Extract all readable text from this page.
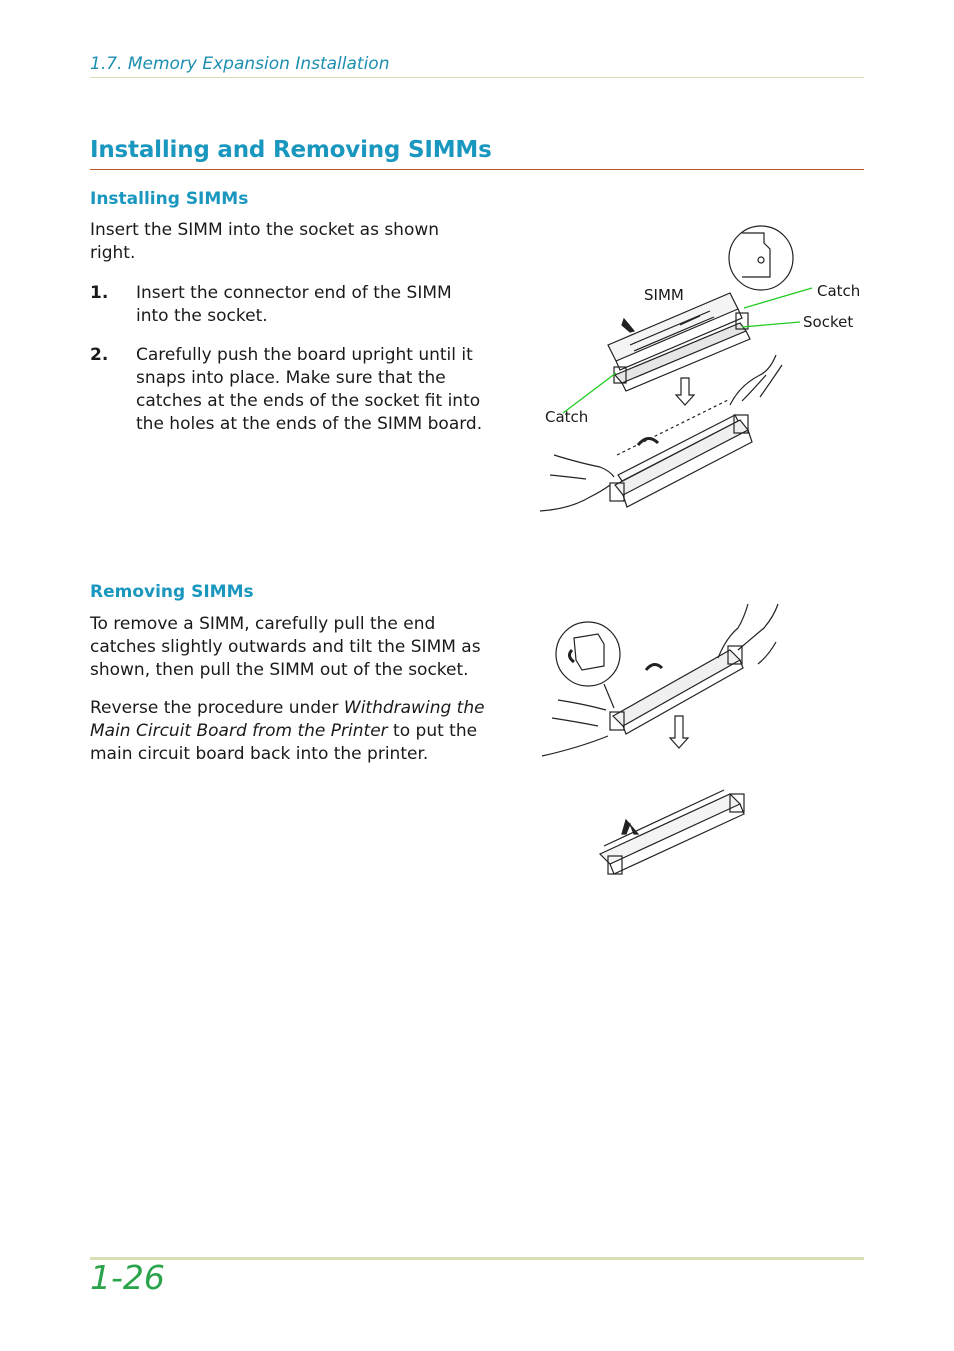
1.7. Memory Expansion Installation
Installing and Removing SIMMs
Installing SIMMs
Insert the SIMM into the socket as shown
right.
1. Insert the connector end of the SIMM
into the socket.
2. Carefully push the board upright until it
snaps into place. Make sure that the
catches at the ends of the socket fit into
the holes at the ends of the SIMM board.
SIMM	Catch
Socket
Catch
Removing SIMMs
To remove a SIMM, carefully pull the end
catches slightly outwards and tilt the SIMM as
shown, then pull the SIMM out of the socket.
Reverse the procedure under Withdrawing the
Main Circuit Board from the Printer to put the
main circuit board back into the printer.
1-26
